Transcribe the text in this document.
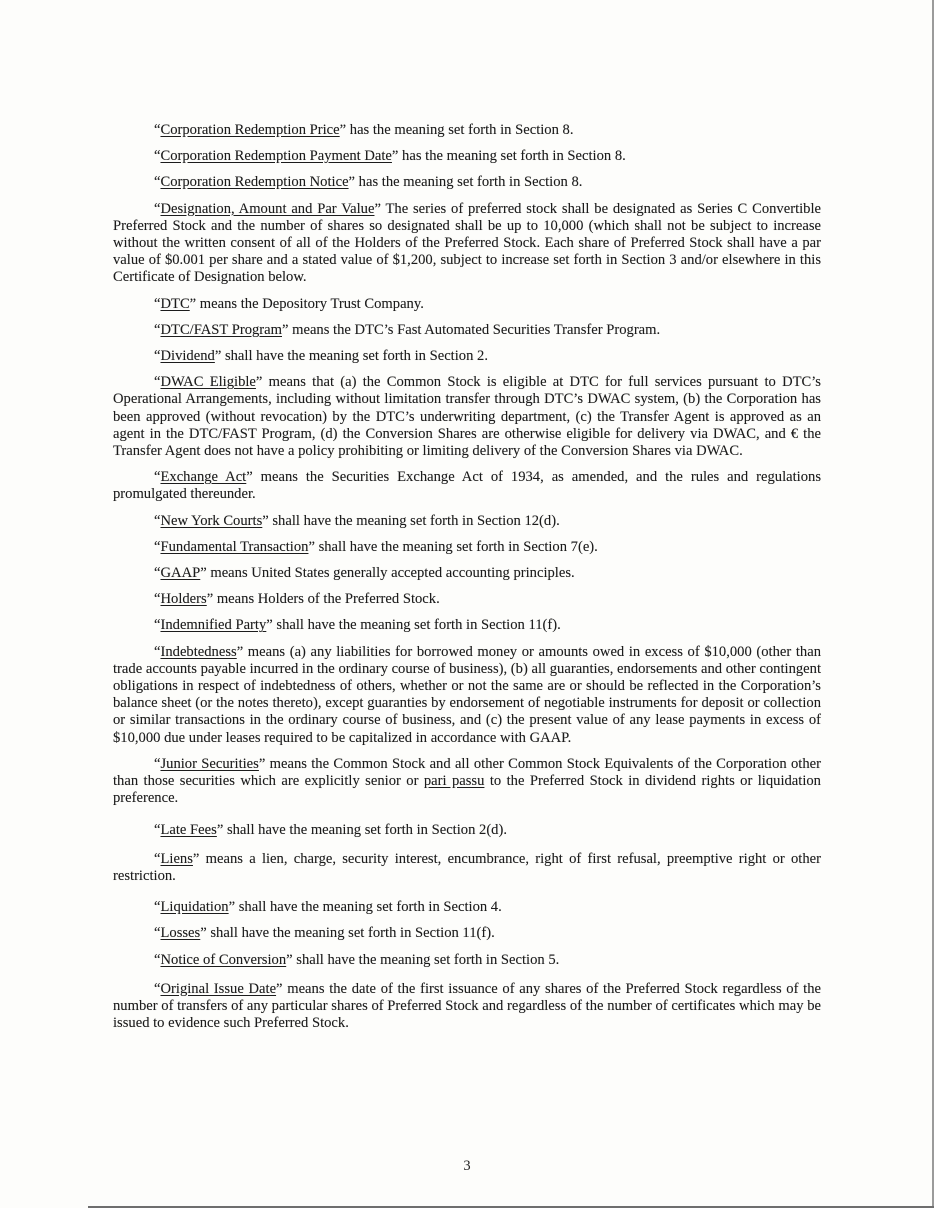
“Corporation Redemption Price” has the meaning set forth in Section 8.

“Corporation Redemption Payment Date” has the meaning set forth in Section 8.

“Corporation Redemption Notice” has the meaning set forth in Section 8.

“Designation, Amount and Par Value” The series of preferred stock shall be designated as Series C Convertible Preferred Stock and the number of shares so designated shall be up to 10,000 (which shall not be subject to increase without the written consent of all of the Holders of the Preferred Stock. Each share of Preferred Stock shall have a par value of $0.001 per share and a stated value of $1,200, subject to increase set forth in Section 3 and/or elsewhere in this Certificate of Designation below.

“DTC” means the Depository Trust Company.

“DTC/FAST Program” means the DTC’s Fast Automated Securities Transfer Program.

“Dividend” shall have the meaning set forth in Section 2.

“DWAC Eligible” means that (a) the Common Stock is eligible at DTC for full services pursuant to DTC’s Operational Arrangements, including without limitation transfer through DTC’s DWAC system, (b) the Corporation has been approved (without revocation) by the DTC’s underwriting department, (c) the Transfer Agent is approved as an agent in the DTC/FAST Program, (d) the Conversion Shares are otherwise eligible for delivery via DWAC, and € the Transfer Agent does not have a policy prohibiting or limiting delivery of the Conversion Shares via DWAC.

“Exchange Act” means the Securities Exchange Act of 1934, as amended, and the rules and regulations promulgated thereunder.

“New York Courts” shall have the meaning set forth in Section 12(d).

“Fundamental Transaction” shall have the meaning set forth in Section 7(e).

“GAAP” means United States generally accepted accounting principles.

“Holders” means Holders of the Preferred Stock.

“Indemnified Party” shall have the meaning set forth in Section 11(f).

“Indebtedness” means (a) any liabilities for borrowed money or amounts owed in excess of $10,000 (other than trade accounts payable incurred in the ordinary course of business), (b) all guaranties, endorsements and other contingent obligations in respect of indebtedness of others, whether or not the same are or should be reflected in the Corporation’s balance sheet (or the notes thereto), except guaranties by endorsement of negotiable instruments for deposit or collection or similar transactions in the ordinary course of business, and (c) the present value of any lease payments in excess of $10,000 due under leases required to be capitalized in accordance with GAAP.

“Junior Securities” means the Common Stock and all other Common Stock Equivalents of the Corporation other than those securities which are explicitly senior or pari passu to the Preferred Stock in dividend rights or liquidation preference.

“Late Fees” shall have the meaning set forth in Section 2(d).

“Liens” means a lien, charge, security interest, encumbrance, right of first refusal, preemptive right or other restriction.

“Liquidation” shall have the meaning set forth in Section 4.

“Losses” shall have the meaning set forth in Section 11(f).

“Notice of Conversion” shall have the meaning set forth in Section 5.

“Original Issue Date” means the date of the first issuance of any shares of the Preferred Stock regardless of the number of transfers of any particular shares of Preferred Stock and regardless of the number of certificates which may be issued to evidence such Preferred Stock.

3
